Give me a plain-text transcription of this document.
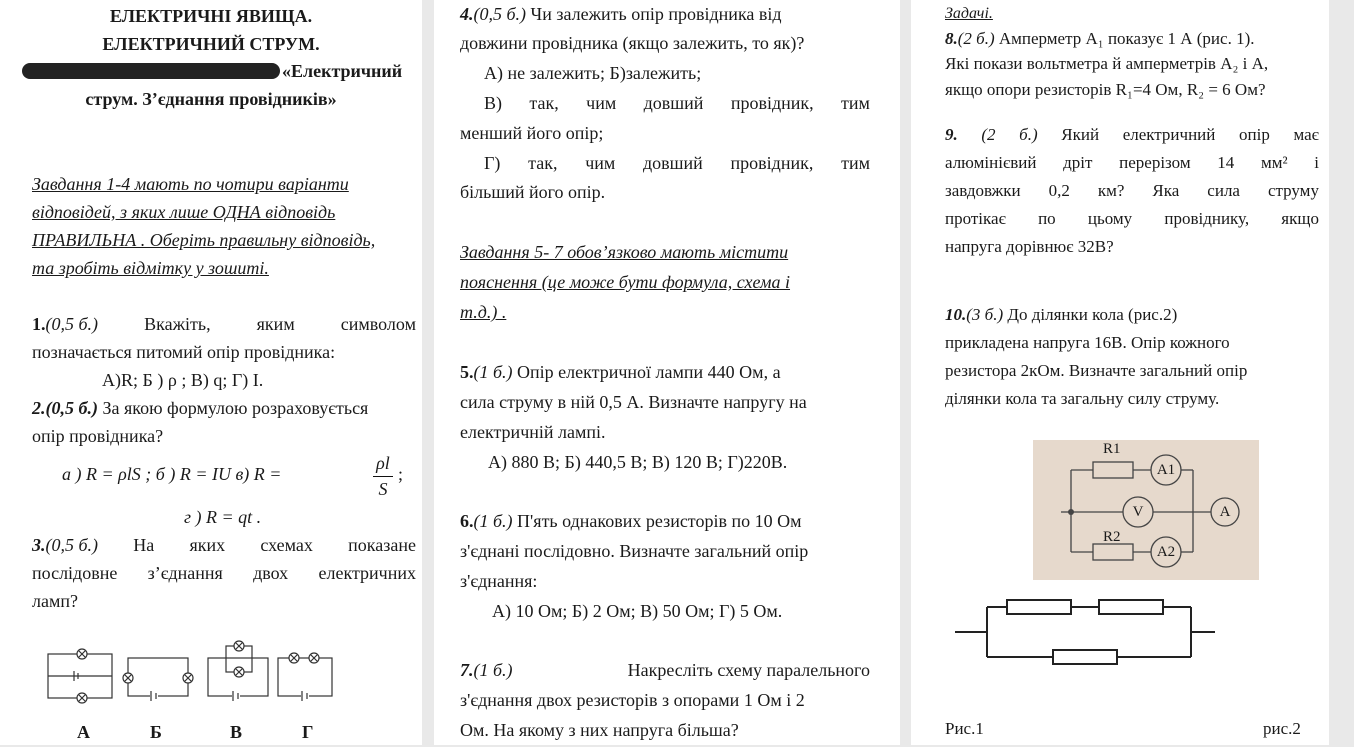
ЕЛЕКТРИЧНІ ЯВИЩА.
ЕЛЕКТРИЧНИЙ СТРУМ.
«Електричний
струм. З’єднання провідників»
Завдання 1-4 мають по чотири варіанти
відповідей, з яких лише ОДНА відповідь
ПРАВИЛЬНА . Оберіть правильну відповідь,
та зробіть відмітку у зошиті.
1.(0,5 б.)	Вкажіть,	яким	символом
позначається питомий опір провідника:
А)R; Б ) ρ ; В) q; Г) I.
2.(0,5 б.) За якою формулою розраховується
опір провідника?
а ) R = ρlS ; б ) R = IU в) R =
ρl
S
;
г ) R = qt .
3.(0,5 б.) На яких схемах показане
послідовне з’єднання двох електричних
ламп?
А	Б	В	Г
4.(0,5 б.) Чи залежить опір провідника від
довжини провідника (якщо залежить, то як)?
А) не залежить; Б)залежить;
В) так, чим довший провідник, тим
менший його опір;
Г) так, чим довший провідник, тим
більший його опір.
Завдання 5- 7 обов’язково мають містити
пояснення (це може бути формула, схема і
т.д.) .
5.(1 б.) Опір електричної лампи 440 Ом, а
сила струму в ній 0,5 А. Визначте напругу на
електричній лампі.
А) 880 В; Б) 440,5 В; В) 120 В; Г)220В.
6.(1 б.) П'ять однакових резисторів по 10 Ом
з'єднані послідовно. Визначте загальний опір
з'єднання:
А) 10 Ом; Б) 2 Ом; В) 50 Ом; Г) 5 Ом.
7.(1 б.)	Накресліть схему паралельного
з'єднання двох резисторів з опорами 1 Ом і 2
Ом. На якому з них напруга більша?
Задачі.
8.(2 б.) Амперметр A₁ показує 1 А (рис. 1).
Які покази вольтметра й амперметрів A₂ і A,
якщо опори резисторів R₁=4 Ом, R₂ = 6 Ом?
9. (2 б.) Який електричний опір має
алюмінієвий дріт перерізом 14 мм² і
завдовжки 0,2 км? Яка сила струму
протікає по цьому провіднику, якщо
напруга дорівнює 32В?
10.(3 б.) До ділянки кола (рис.2)
прикладена напруга 16В. Опір кожного
резистора 2кОм. Визначте загальний опір
ділянки кола та загальну силу струму.
R1
R2
A1
V
A2
A
Рис.1	рис.2
